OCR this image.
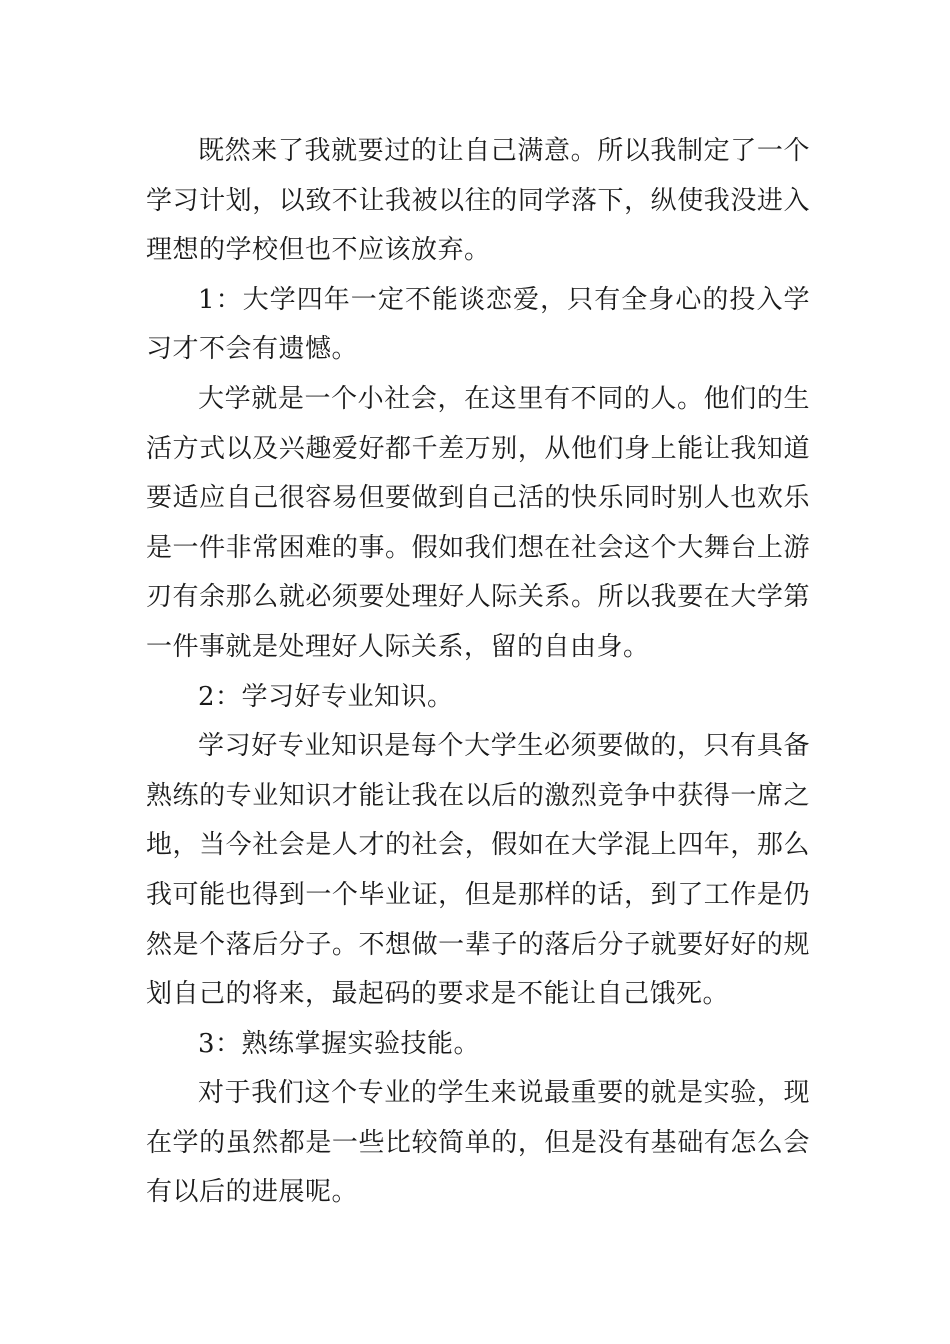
既然来了我就要过的让自己满意。所以我制定了一个学习计划，以致不让我被以往的同学落下，纵使我没进入理想的学校但也不应该放弃。

1：大学四年一定不能谈恋爱，只有全身心的投入学习才不会有遗憾。

大学就是一个小社会，在这里有不同的人。他们的生活方式以及兴趣爱好都千差万别，从他们身上能让我知道要适应自己很容易但要做到自己活的快乐同时别人也欢乐是一件非常困难的事。假如我们想在社会这个大舞台上游刃有余那么就必须要处理好人际关系。所以我要在大学第一件事就是处理好人际关系，留的自由身。

2：学习好专业知识。

学习好专业知识是每个大学生必须要做的，只有具备熟练的专业知识才能让我在以后的激烈竞争中获得一席之地，当今社会是人才的社会，假如在大学混上四年，那么我可能也得到一个毕业证，但是那样的话，到了工作是仍然是个落后分子。不想做一辈子的落后分子就要好好的规划自己的将来，最起码的要求是不能让自己饿死。

3：熟练掌握实验技能。

对于我们这个专业的学生来说最重要的就是实验，现在学的虽然都是一些比较简单的，但是没有基础有怎么会有以后的进展呢。
